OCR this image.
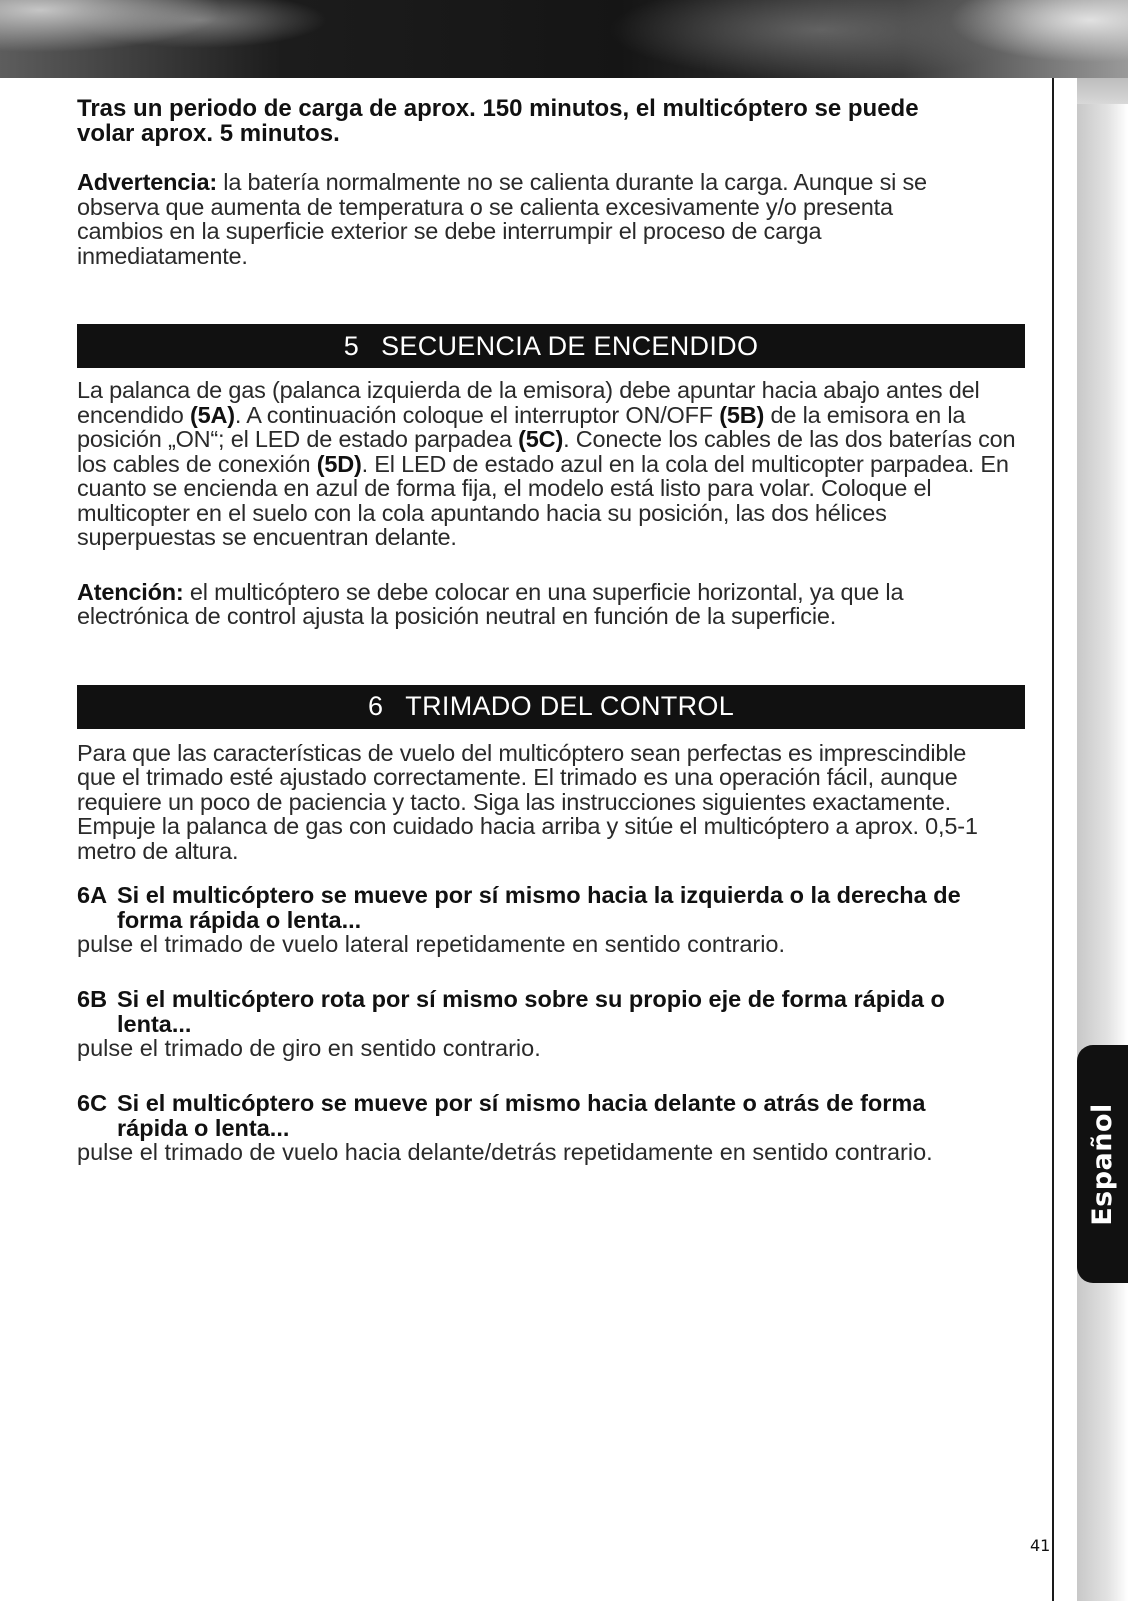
Español

Tras un periodo de carga de aprox. 150 minutos, el multicóptero se puede volar aprox. 5 minutos.

Advertencia: la batería normalmente no se calienta durante la carga. Aunque si se observa que aumenta de temperatura o se calienta excesivamente y/o presenta cambios en la superficie exterior se debe interrumpir el proceso de carga inmediatamente.

5 SECUENCIA DE ENCENDIDO

La palanca de gas (palanca izquierda de la emisora) debe apuntar hacia abajo antes del encendido (5A). A continuación coloque el interruptor ON/OFF (5B) de la emisora en la posición „ON“; el LED de estado parpadea (5C). Conecte los cables de las dos baterías con los cables de conexión (5D). El LED de estado azul en la cola del multicopter parpadea. En cuanto se encienda en azul de forma fija, el modelo está listo para volar. Coloque el multicopter en el suelo con la cola apuntando hacia su posición, las dos hélices superpuestas se encuentran delante.

Atención: el multicóptero se debe colocar en una superficie horizontal, ya que la electrónica de control ajusta la posición neutral en función de la superficie.

6 TRIMADO DEL CONTROL

Para que las características de vuelo del multicóptero sean perfectas es imprescindible que el trimado esté ajustado correctamente. El trimado es una operación fácil, aunque requiere un poco de paciencia y tacto. Siga las instrucciones siguientes exactamente. Empuje la palanca de gas con cuidado hacia arriba y sitúe el multicóptero a aprox. 0,5-1 metro de altura.

6A Si el multicóptero se mueve por sí mismo hacia la izquierda o la derecha de forma rápida o lenta...

pulse el trimado de vuelo lateral repetidamente en sentido contrario.

6B Si el multicóptero rota por sí mismo sobre su propio eje de forma rápida o lenta...

pulse el trimado de giro en sentido contrario.

6C Si el multicóptero se mueve por sí mismo hacia delante o atrás de forma rápida o lenta...

pulse el trimado de vuelo hacia delante/detrás repetidamente en sentido contrario.

41
